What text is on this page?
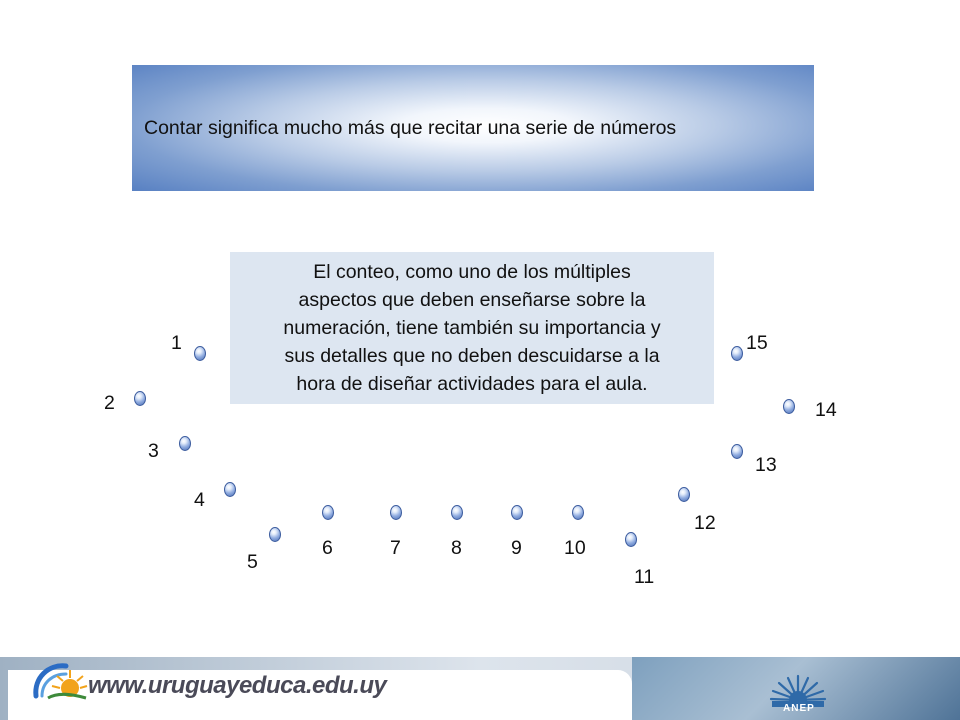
Contar significa mucho más que recitar una serie de números

El conteo, como uno de los múltiples
aspectos que deben enseñarse sobre la
numeración, tiene también su importancia y
sus detalles que no deben descuidarse a la
hora de diseñar actividades para el aula.

1
2
3
4
5
6	7	8	9 10
11
12
13
14
15
www.uruguayeduca.edu.uy
ANEP
